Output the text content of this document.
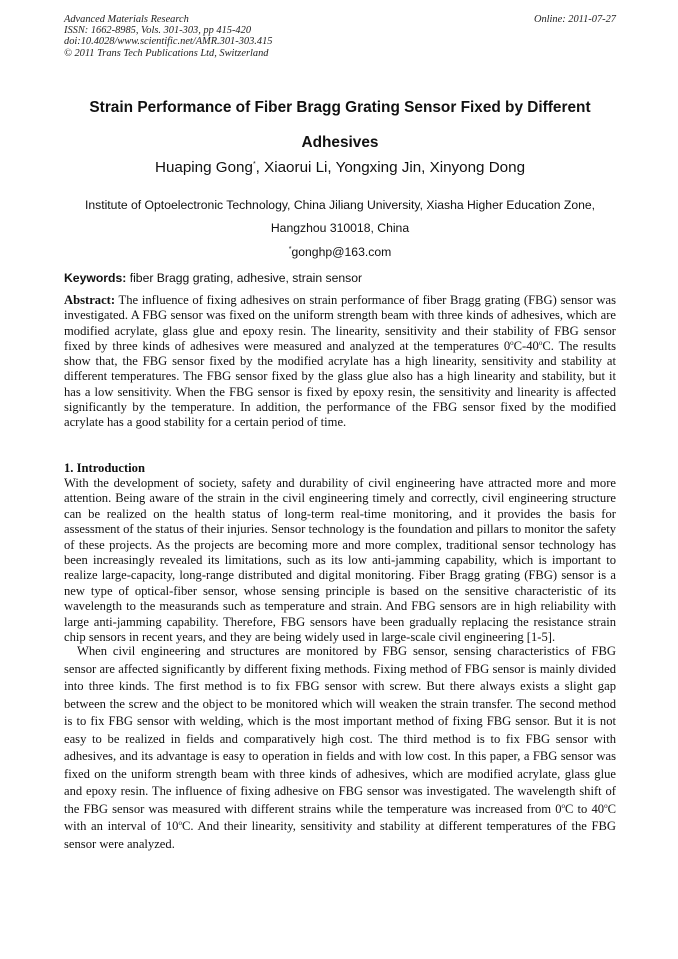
Advanced Materials Research
ISSN: 1662-8985, Vols. 301-303, pp 415-420
doi:10.4028/www.scientific.net/AMR.301-303.415
© 2011 Trans Tech Publications Ltd, Switzerland
Online: 2011-07-27
Strain Performance of Fiber Bragg Grating Sensor Fixed by Different Adhesives
Huaping Gong*, Xiaorui Li, Yongxing Jin, Xinyong Dong
Institute of Optoelectronic Technology, China Jiliang University, Xiasha Higher Education Zone, Hangzhou 310018, China
*gonghp@163.com
Keywords: fiber Bragg grating, adhesive, strain sensor
Abstract: The influence of fixing adhesives on strain performance of fiber Bragg grating (FBG) sensor was investigated. A FBG sensor was fixed on the uniform strength beam with three kinds of adhesives, which are modified acrylate, glass glue and epoxy resin. The linearity, sensitivity and their stability of FBG sensor fixed by three kinds of adhesives were measured and analyzed at the temperatures 0$^o$C-40$^o$C. The results show that, the FBG sensor fixed by the modified acrylate has a high linearity, sensitivity and stability at different temperatures. The FBG sensor fixed by the glass glue also has a high linearity and stability, but it has a low sensitivity. When the FBG sensor is fixed by epoxy resin, the sensitivity and linearity is affected significantly by the temperature. In addition, the performance of the FBG sensor fixed by the modified acrylate has a good stability for a certain period of time.
1. Introduction
With the development of society, safety and durability of civil engineering have attracted more and more attention. Being aware of the strain in the civil engineering timely and correctly, civil engineering structure can be realized on the health status of long-term real-time monitoring, and it provides the basis for assessment of the status of their injuries. Sensor technology is the foundation and pillars to monitor the safety of these projects. As the projects are becoming more and more complex, traditional sensor technology has been increasingly revealed its limitations, such as its low anti-jamming capability, which is important to realize large-capacity, long-range distributed and digital monitoring. Fiber Bragg grating (FBG) sensor is a new type of optical-fiber sensor, whose sensing principle is based on the sensitive characteristic of its wavelength to the measurands such as temperature and strain. And FBG sensors are in high reliability with large anti-jamming capability. Therefore, FBG sensors have been gradually replacing the resistance strain chip sensors in recent years, and they are being widely used in large-scale civil engineering [1-5].
When civil engineering and structures are monitored by FBG sensor, sensing characteristics of FBG sensor are affected significantly by different fixing methods. Fixing method of FBG sensor is mainly divided into three kinds. The first method is to fix FBG sensor with screw. But there always exists a slight gap between the screw and the object to be monitored which will weaken the strain transfer. The second method is to fix FBG sensor with welding, which is the most important method of fixing FBG sensor. But it is not easy to be realized in fields and comparatively high cost. The third method is to fix FBG sensor with adhesives, and its advantage is easy to operation in fields and with low cost. In this paper, a FBG sensor was fixed on the uniform strength beam with three kinds of adhesives, which are modified acrylate, glass glue and epoxy resin. The influence of fixing adhesive on FBG sensor was investigated. The wavelength shift of the FBG sensor was measured with different strains while the temperature was increased from 0$^o$C to 40$^o$C with an interval of 10$^o$C. And their linearity, sensitivity and stability at different temperatures of the FBG sensor were analyzed.
